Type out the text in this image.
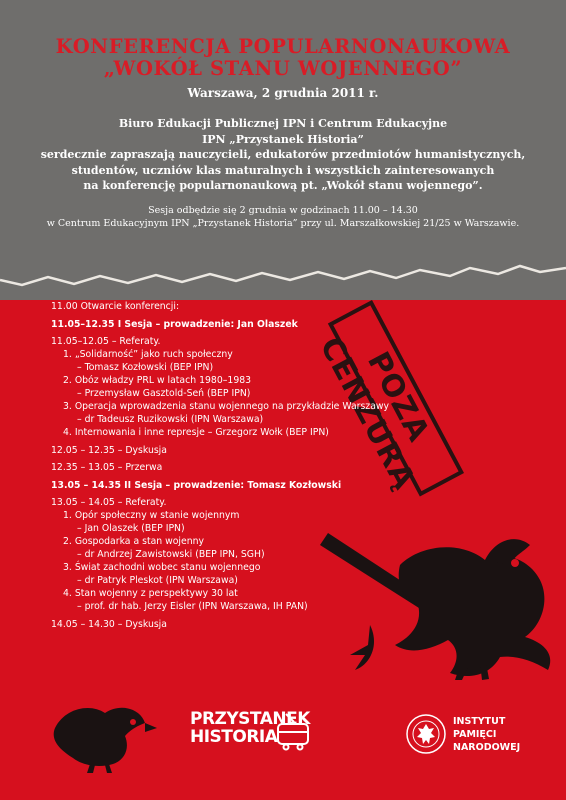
KONFERENCJA POPULARNONAUKOWA
„WOKÓŁ STANU WOJENNEGO”
Warszawa, 2 grudnia 2011 r.
Biuro Edukacji Publicznej IPN i Centrum Edukacyjne
IPN „Przystanek Historia”
serdecznie zapraszają nauczycieli, edukatorów przedmiotów humanistycznych,
studentów, uczniów klas maturalnych i wszystkich zainteresowanych
na konferencję popularnonaukową pt. „Wokół stanu wojennego”.
Sesja odbędzie się 2 grudnia w godzinach 11.00 – 14.30
w Centrum Edukacyjnym IPN „Przystanek Historia” przy ul. Marszałkowskiej 21/25 w Warszawie.
POZA CENZURĄ
11.00 Otwarcie konferencji:
11.05–12.35 I Sesja – prowadzenie: Jan Olaszek
11.05–12.05 – Referaty.
1. „Solidarność” jako ruch społeczny
– Tomasz Kozłowski (BEP IPN)
2. Obóz władzy PRL w latach 1980–1983
– Przemysław Gasztold-Seń (BEP IPN)
3. Operacja wprowadzenia stanu wojennego na przykładzie Warszawy
– dr Tadeusz Ruzikowski (IPN Warszawa)
4. Internowania i inne represje – Grzegorz Wołk (BEP IPN)
12.05 – 12.35 – Dyskusja
12.35 – 13.05 – Przerwa
13.05 – 14.35 II Sesja – prowadzenie: Tomasz Kozłowski
13.05 – 14.05 – Referaty.
1. Opór społeczny w stanie wojennym
– Jan Olaszek (BEP IPN)
2. Gospodarka a stan wojenny
– dr Andrzej Zawistowski (BEP IPN, SGH)
3. Świat zachodni wobec stanu wojennego
– dr Patryk Pleskot (IPN Warszawa)
4. Stan wojenny z perspektywy 30 lat
– prof. dr hab. Jerzy Eisler (IPN Warszawa, IH PAN)
14.05 – 14.30 – Dyskusja
PRZYSTANEK
HISTORIA
INSTYTUT
PAMIĘCI
NARODOWEJ
